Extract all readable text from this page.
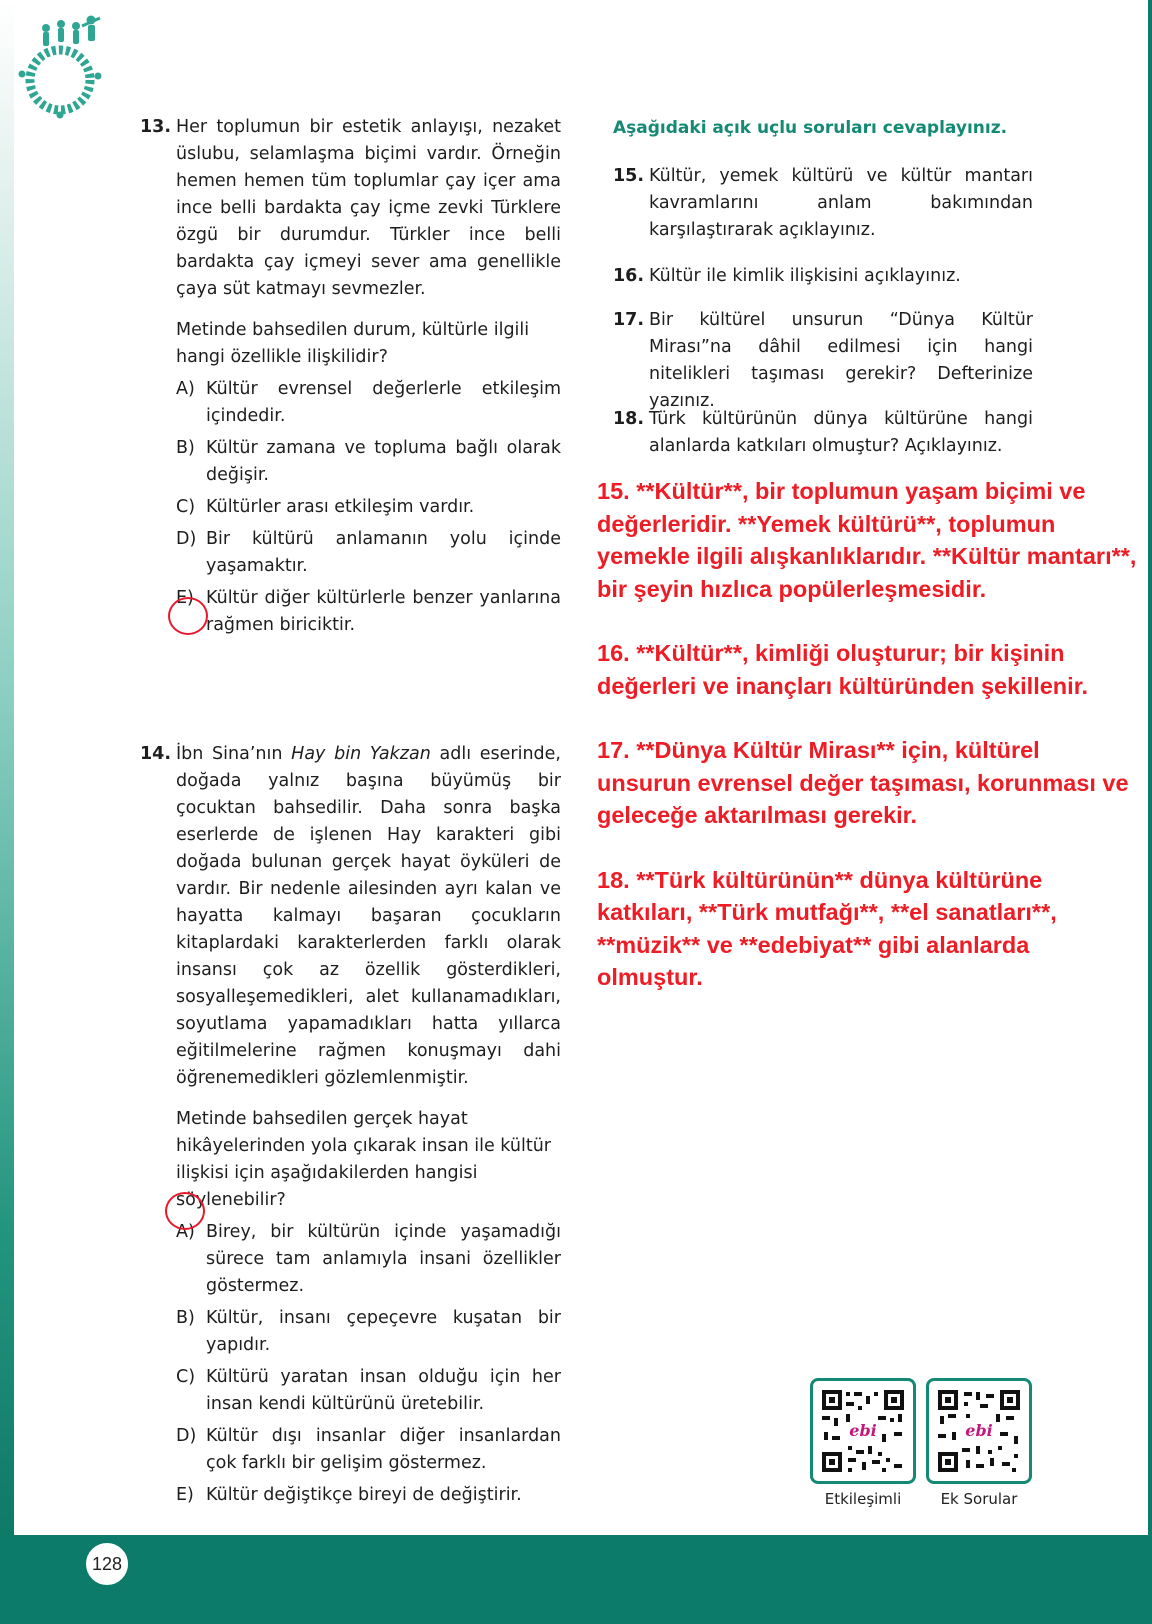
13. Her toplumun bir estetik anlayışı, nezaket üslubu, selamlaşma biçimi vardır. Örneğin hemen hemen tüm toplumlar çay içer ama ince belli bardakta çay içme zevki Türklere özgü bir durumdur. Türkler ince belli bardakta çay içmeyi sever ama genellikle çaya süt katmayı sevmezler.
Metinde bahsedilen durum, kültürle ilgili hangi özellikle ilişkilidir?
A) Kültür evrensel değerlerle etkileşim içindedir.
B) Kültür zamana ve topluma bağlı olarak değişir.
C) Kültürler arası etkileşim vardır.
D) Bir kültürü anlamanın yolu içinde yaşamaktır.
E) Kültür diğer kültürlerle benzer yanlarına rağmen biriciktir.
14. İbn Sina’nın Hay bin Yakzan adlı eserinde, doğada yalnız başına büyümüş bir çocuktan bahsedilir. Daha sonra başka eserlerde de işlenen Hay karakteri gibi doğada bulunan gerçek hayat öyküleri de vardır. Bir nedenle ailesinden ayrı kalan ve hayatta kalmayı başaran çocukların kitaplardaki karakterlerden farklı olarak insansı çok az özellik gösterdikleri, sosyalleşemedikleri, alet kullanamadıkları, soyutlama yapamadıkları hatta yıllarca eğitilmelerine rağmen konuşmayı dahi öğrenemedikleri gözlemlenmiştir.
Metinde bahsedilen gerçek hayat hikâyelerinden yola çıkarak insan ile kültür ilişkisi için aşağıdakilerden hangisi söylenebilir?
A) Birey, bir kültürün içinde yaşamadığı sürece tam anlamıyla insani özellikler göstermez.
B) Kültür, insanı çepeçevre kuşatan bir yapıdır.
C) Kültürü yaratan insan olduğu için her insan kendi kültürünü üretebilir.
D) Kültür dışı insanlar diğer insanlardan çok farklı bir gelişim göstermez.
E) Kültür değiştikçe bireyi de değiştirir.
Aşağıdaki açık uçlu soruları cevaplayınız.
15. Kültür, yemek kültürü ve kültür mantarı kavramlarını anlam bakımından karşılaştırarak açıklayınız.
16. Kültür ile kimlik ilişkisini açıklayınız.
17. Bir kültürel unsurun “Dünya Kültür Mirası”na dâhil edilmesi için hangi nitelikleri taşıması gerekir? Defterinize yazınız.
18. Türk kültürünün dünya kültürüne hangi alanlarda katkıları olmuştur? Açıklayınız.

15. **Kültür**, bir toplumun yaşam biçimi ve değerleridir. **Yemek kültürü**, toplumun yemekle ilgili alışkanlıklarıdır. **Kültür mantarı**, bir şeyin hızlıca popülerleşmesidir.

16. **Kültür**, kimliği oluşturur; bir kişinin değerleri ve inançları kültüründen şekillenir.

17. **Dünya Kültür Mirası** için, kültürel unsurun evrensel değer taşıması, korunması ve geleceğe aktarılması gerekir.

18. **Türk kültürünün** dünya kültürüne katkıları, **Türk mutfağı**, **el sanatları**, **müzik** ve **edebiyat** gibi alanlarda olmuştur.

ebi
Etkileşimli
ebi
Ek Sorular
128
